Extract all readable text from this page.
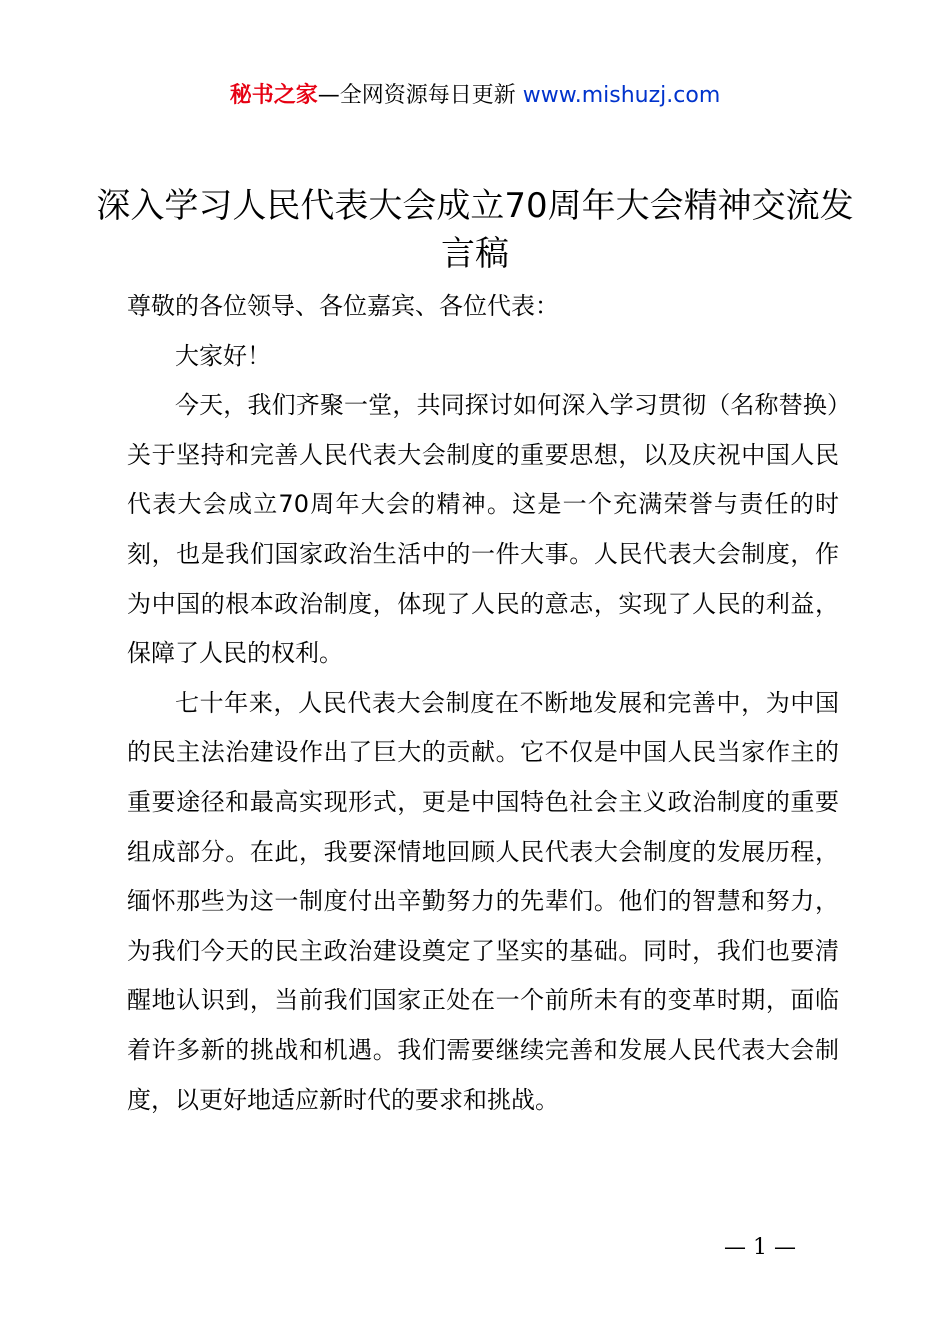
秘书之家—全网资源每日更新 www.mishuzj.com
深入学习人民代表大会成立70周年大会精神交流发言稿

尊敬的各位领导、各位嘉宾、各位代表：

大家好！

今天，我们齐聚一堂，共同探讨如何深入学习贯彻（名称替换）关于坚持和完善人民代表大会制度的重要思想，以及庆祝中国人民代表大会成立70周年大会的精神。这是一个充满荣誉与责任的时刻，也是我们国家政治生活中的一件大事。人民代表大会制度，作为中国的根本政治制度，体现了人民的意志，实现了人民的利益，保障了人民的权利。

七十年来，人民代表大会制度在不断地发展和完善中，为中国的民主法治建设作出了巨大的贡献。它不仅是中国人民当家作主的重要途径和最高实现形式，更是中国特色社会主义政治制度的重要组成部分。在此，我要深情地回顾人民代表大会制度的发展历程，缅怀那些为这一制度付出辛勤努力的先辈们。他们的智慧和努力，为我们今天的民主政治建设奠定了坚实的基础。同时，我们也要清醒地认识到，当前我们国家正处在一个前所未有的变革时期，面临着许多新的挑战和机遇。我们需要继续完善和发展人民代表大会制度，以更好地适应新时代的要求和挑战。

— 1 —
